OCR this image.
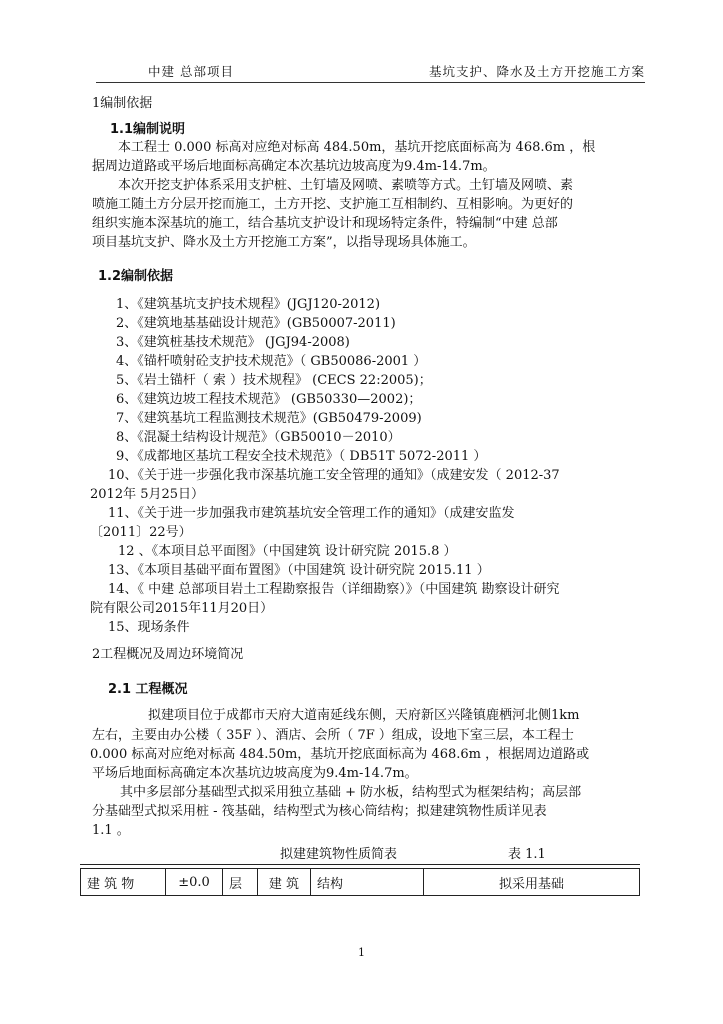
中建 总部项目	基坑支护、降水及土方开挖施工方案
1编制依据
1.1编制说明
本工程士 0.000 标高对应绝对标高 484.50m，基坑开挖底面标高为 468.6m ，根
据周边道路或平场后地面标高确定本次基坑边坡高度为9.4m-14.7m。
本次开挖支护体系采用支护桩、土钉墙及网喷、素喷等方式。土钉墙及网喷、素
喷施工随土方分层开挖而施工，土方开挖、支护施工互相制约、互相影响。为更好的
组织实施本深基坑的施工，结合基坑支护设计和现场特定条件，特编制“中建 总部
项目基坑支护、降水及土方开挖施工方案”，以指导现场具体施工。
1.2编制依据
1、《建筑基坑支护技术规程》(JGJ120-2012)
2、《建筑地基基础设计规范》(GB50007-2011)
3、《建筑桩基技术规范》 (JGJ94-2008)
4、《锚杆喷射砼支护技术规范》（ GB50086-2001 ）
5、《岩土锚杆（ 索 ）技术规程》 (CECS 22:2005)；
6、《建筑边坡工程技术规范》 (GB50330—2002)；
7、《建筑基坑工程监测技术规范》(GB50479-2009)
8、《混凝土结构设计规范》（GB50010－2010）
9、《成都地区基坑工程安全技术规范》（ DB51T 5072-2011 ）
10、《关于进一步强化我市深基坑施工安全管理的通知》（成建安发（ 2012-37
2012年 5月25日）
11、《关于进一步加强我市建筑基坑安全管理工作的通知》（成建安监发
〔2011〕22号）
12 、《本项目总平面图》（中国建筑 设计研究院 2015.8 ）
13、《本项目基础平面布置图》（中国建筑 设计研究院 2015.11 ）
14、《 中建 总部项目岩土工程勘察报告（详细勘察）》（中国建筑 勘察设计研究
院有限公司2015年11月20日）
15、现场条件
2工程概况及周边环境简况
2.1 工程概况
拟建项目位于成都市天府大道南延线东侧，天府新区兴隆镇鹿栖河北侧1km
左右，主要由办公楼（ 35F ）、酒店、会所（ 7F ）组成，设地下室三层，本工程士
0.000 标高对应绝对标高 484.50m，基坑开挖底面标高为 468.6m ，根据周边道路或
平场后地面标高确定本次基坑边坡高度为9.4m-14.7m。
其中多层部分基础型式拟采用独立基础 + 防水板，结构型式为框架结构；高层部
分基础型式拟采用桩 - 筏基础，结构型式为核心筒结构；拟建建筑物性质详见表
1.1 。
拟建建筑物性质简表	表 1.1
建 筑 物	±0.0	层	建 筑	结构	拟采用基础
1
